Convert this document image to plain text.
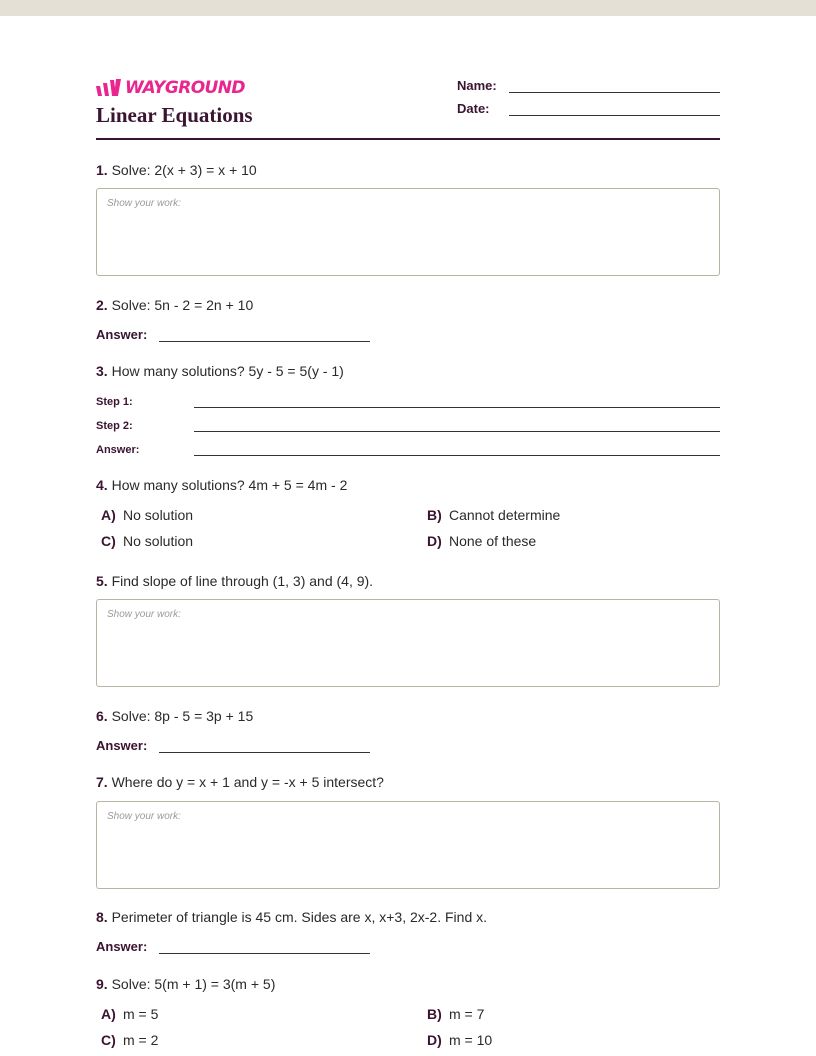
WAYGROUND
Linear Equations
Name:
Date:
1. Solve: 2(x + 3) = x + 10
Show your work:
2. Solve: 5n - 2 = 2n + 10
Answer:
3. How many solutions? 5y - 5 = 5(y - 1)
Step 1:
Step 2:
Answer:
4. How many solutions? 4m + 5 = 4m - 2
A) No solution	B) Cannot determine
C) No solution	D) None of these
5. Find slope of line through (1, 3) and (4, 9).
Show your work:
6. Solve: 8p - 5 = 3p + 15
Answer:
7. Where do y = x + 1 and y = -x + 5 intersect?
Show your work:
8. Perimeter of triangle is 45 cm. Sides are x, x+3, 2x-2. Find x.
Answer:
9. Solve: 5(m + 1) = 3(m + 5)
A) m = 5	B) m = 7
C) m = 2	D) m = 10
